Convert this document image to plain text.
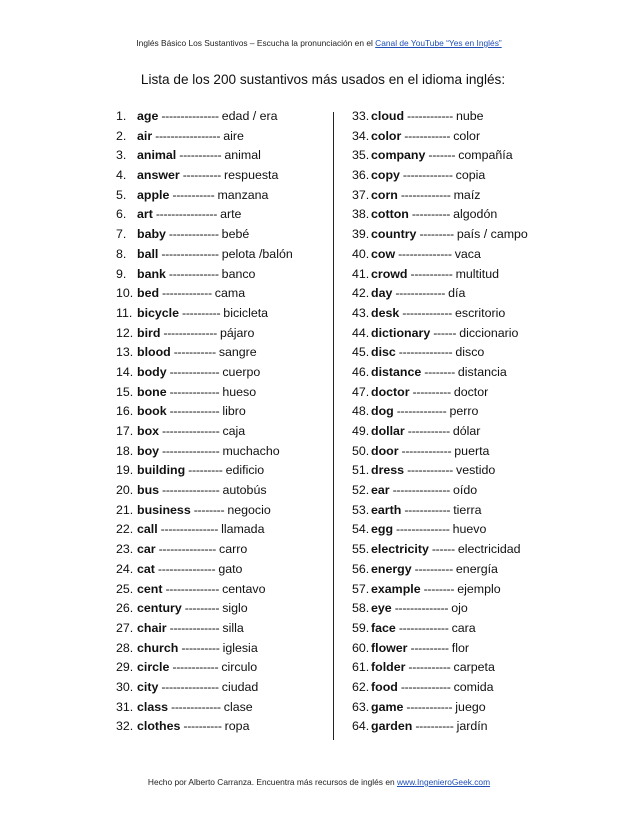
Inglés Básico Los Sustantivos – Escucha la pronunciación en el Canal de YouTube “Yes en Inglés”
Lista de los 200 sustantivos más usados en el idioma inglés:
1. age --------------- edad / era
2. air ----------------- aire
3. animal ----------- animal
4. answer ---------- respuesta
5. apple ----------- manzana
6. art ---------------- arte
7. baby ------------- bebé
8. ball --------------- pelota /balón
9. bank ------------- banco
10. bed ------------- cama
11. bicycle ---------- bicicleta
12. bird -------------- pájaro
13. blood ----------- sangre
14. body ------------- cuerpo
15. bone ------------- hueso
16. book ------------- libro
17. box --------------- caja
18. boy --------------- muchacho
19. building --------- edificio
20. bus --------------- autobús
21. business -------- negocio
22. call --------------- llamada
23. car --------------- carro
24. cat --------------- gato
25. cent -------------- centavo
26. century --------- siglo
27. chair ------------- silla
28. church ---------- iglesia
29. circle ------------ circulo
30. city --------------- ciudad
31. class ------------- clase
32. clothes ---------- ropa
33. cloud ------------ nube
34. color ------------ color
35. company ------- compañía
36. copy ------------- copia
37. corn ------------- maíz
38. cotton ---------- algodón
39. country --------- país / campo
40. cow -------------- vaca
41. crowd ----------- multitud
42. day ------------- día
43. desk ------------- escritorio
44. dictionary ------ diccionario
45. disc -------------- disco
46. distance -------- distancia
47. doctor ---------- doctor
48. dog ------------- perro
49. dollar ----------- dólar
50. door ------------- puerta
51. dress ------------ vestido
52. ear --------------- oído
53. earth ------------ tierra
54. egg -------------- huevo
55. electricity ------ electricidad
56. energy ---------- energía
57. example -------- ejemplo
58. eye -------------- ojo
59. face ------------- cara
60. flower ---------- flor
61. folder ----------- carpeta
62. food ------------- comida
63. game ------------ juego
64. garden ---------- jardín
Hecho por Alberto Carranza. Encuentra más recursos de inglés en www.IngenieroGeek.com
